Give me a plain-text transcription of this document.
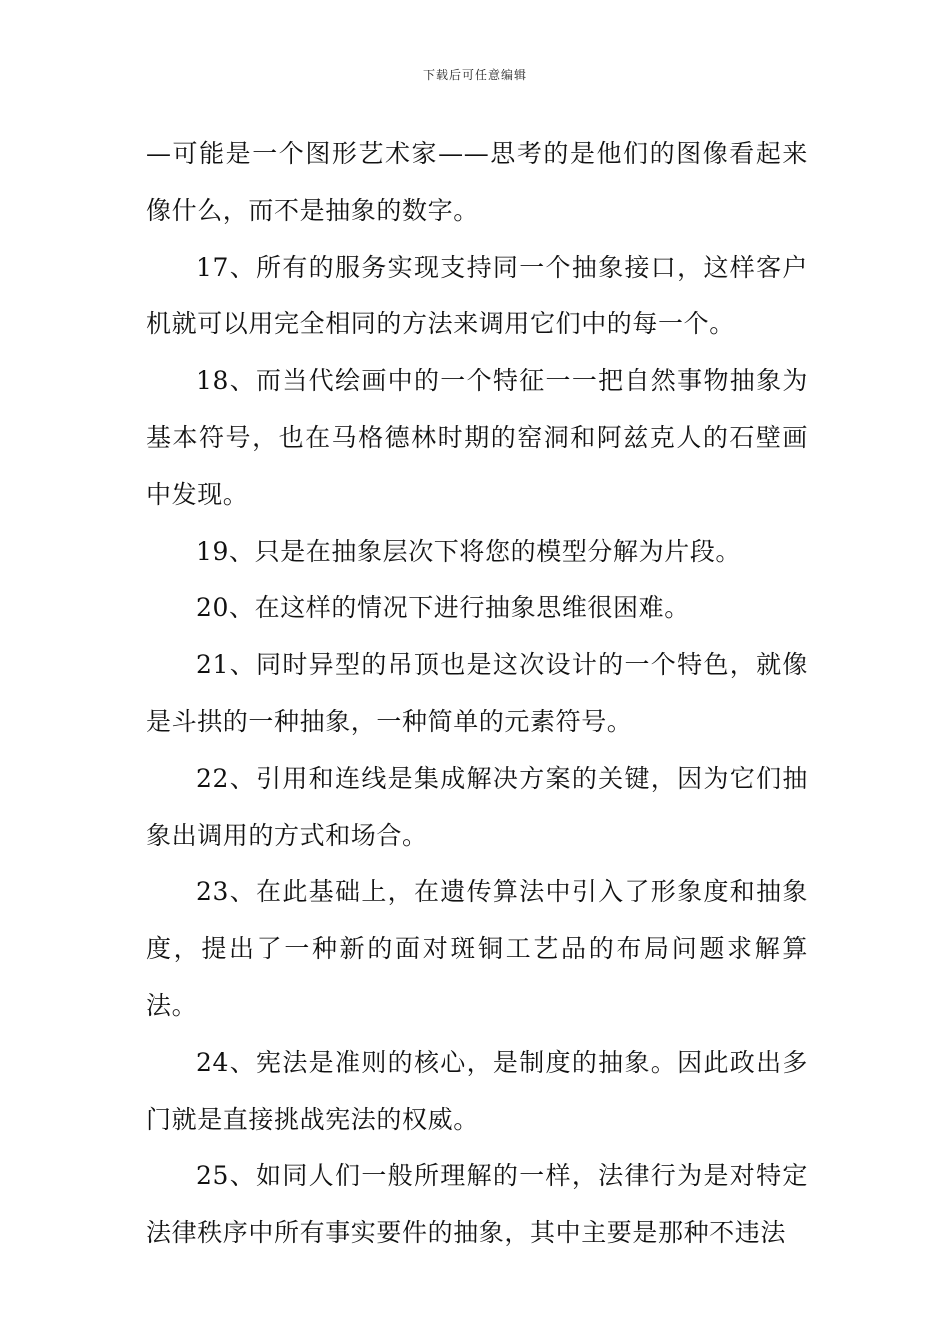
下载后可任意编辑

—可能是一个图形艺术家——思考的是他们的图像看起来像什么，而不是抽象的数字。

17、所有的服务实现支持同一个抽象接口，这样客户机就可以用完全相同的方法来调用它们中的每一个。

18、而当代绘画中的一个特征一一把自然事物抽象为基本符号，也在马格德林时期的窑洞和阿兹克人的石壁画中发现。

19、只是在抽象层次下将您的模型分解为片段。

20、在这样的情况下进行抽象思维很困难。

21、同时异型的吊顶也是这次设计的一个特色，就像是斗拱的一种抽象，一种简单的元素符号。

22、引用和连线是集成解决方案的关键，因为它们抽象出调用的方式和场合。

23、在此基础上，在遗传算法中引入了形象度和抽象度，提出了一种新的面对斑铜工艺品的布局问题求解算法。

24、宪法是准则的核心，是制度的抽象。因此政出多门就是直接挑战宪法的权威。

25、如同人们一般所理解的一样，法律行为是对特定法律秩序中所有事实要件的抽象，其中主要是那种不违法
